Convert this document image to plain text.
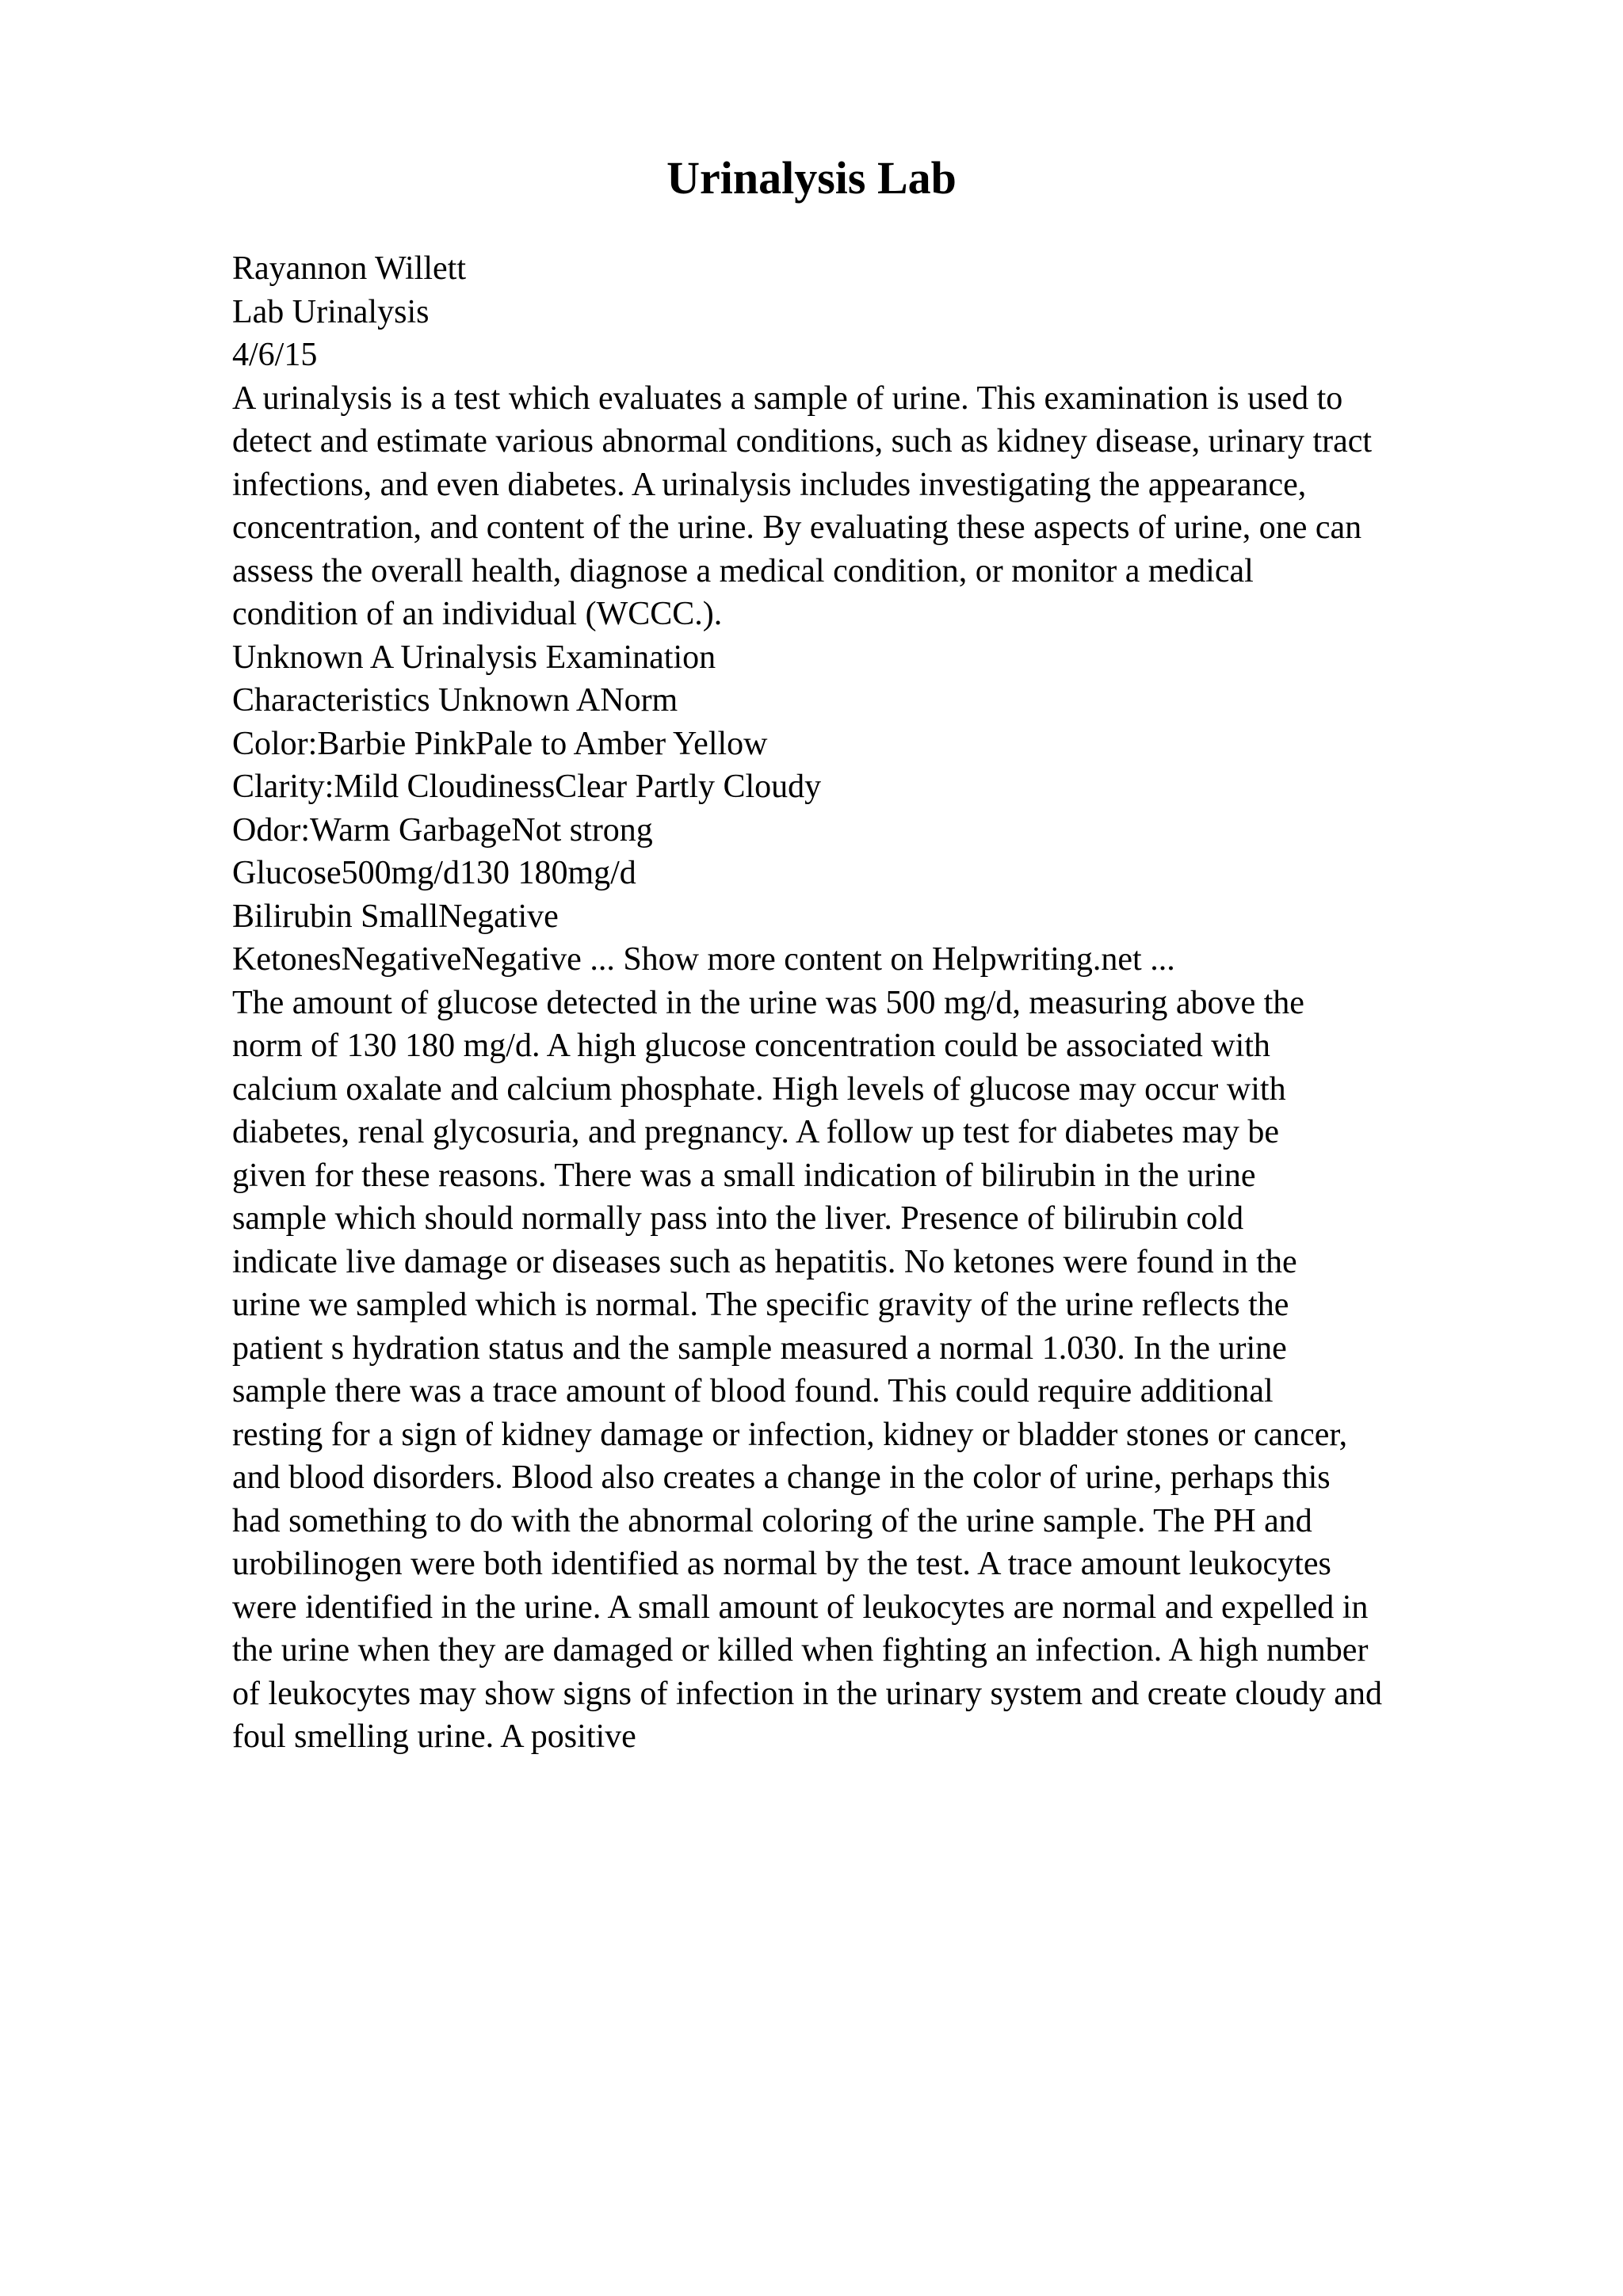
Urinalysis Lab
Rayannon Willett
Lab Urinalysis
4/6/15
A urinalysis is a test which evaluates a sample of urine. This examination is used to
detect and estimate various abnormal conditions, such as kidney disease, urinary tract
infections, and even diabetes. A urinalysis includes investigating the appearance,
concentration, and content of the urine. By evaluating these aspects of urine, one can
assess the overall health, diagnose a medical condition, or monitor a medical
condition of an individual (WCCC.).
Unknown A Urinalysis Examination
Characteristics Unknown ANorm
Color:Barbie PinkPale to Amber Yellow
Clarity:Mild CloudinessClear Partly Cloudy
Odor:Warm GarbageNot strong
Glucose500mg/d130 180mg/d
Bilirubin SmallNegative
KetonesNegativeNegative ... Show more content on Helpwriting.net ...
The amount of glucose detected in the urine was 500 mg/d, measuring above the
norm of 130 180 mg/d. A high glucose concentration could be associated with
calcium oxalate and calcium phosphate. High levels of glucose may occur with
diabetes, renal glycosuria, and pregnancy. A follow up test for diabetes may be
given for these reasons. There was a small indication of bilirubin in the urine
sample which should normally pass into the liver. Presence of bilirubin cold
indicate live damage or diseases such as hepatitis. No ketones were found in the
urine we sampled which is normal. The specific gravity of the urine reflects the
patient s hydration status and the sample measured a normal 1.030. In the urine
sample there was a trace amount of blood found. This could require additional
resting for a sign of kidney damage or infection, kidney or bladder stones or cancer,
and blood disorders. Blood also creates a change in the color of urine, perhaps this
had something to do with the abnormal coloring of the urine sample. The PH and
urobilinogen were both identified as normal by the test. A trace amount leukocytes
were identified in the urine. A small amount of leukocytes are normal and expelled in
the urine when they are damaged or killed when fighting an infection. A high number
of leukocytes may show signs of infection in the urinary system and create cloudy and
foul smelling urine. A positive
